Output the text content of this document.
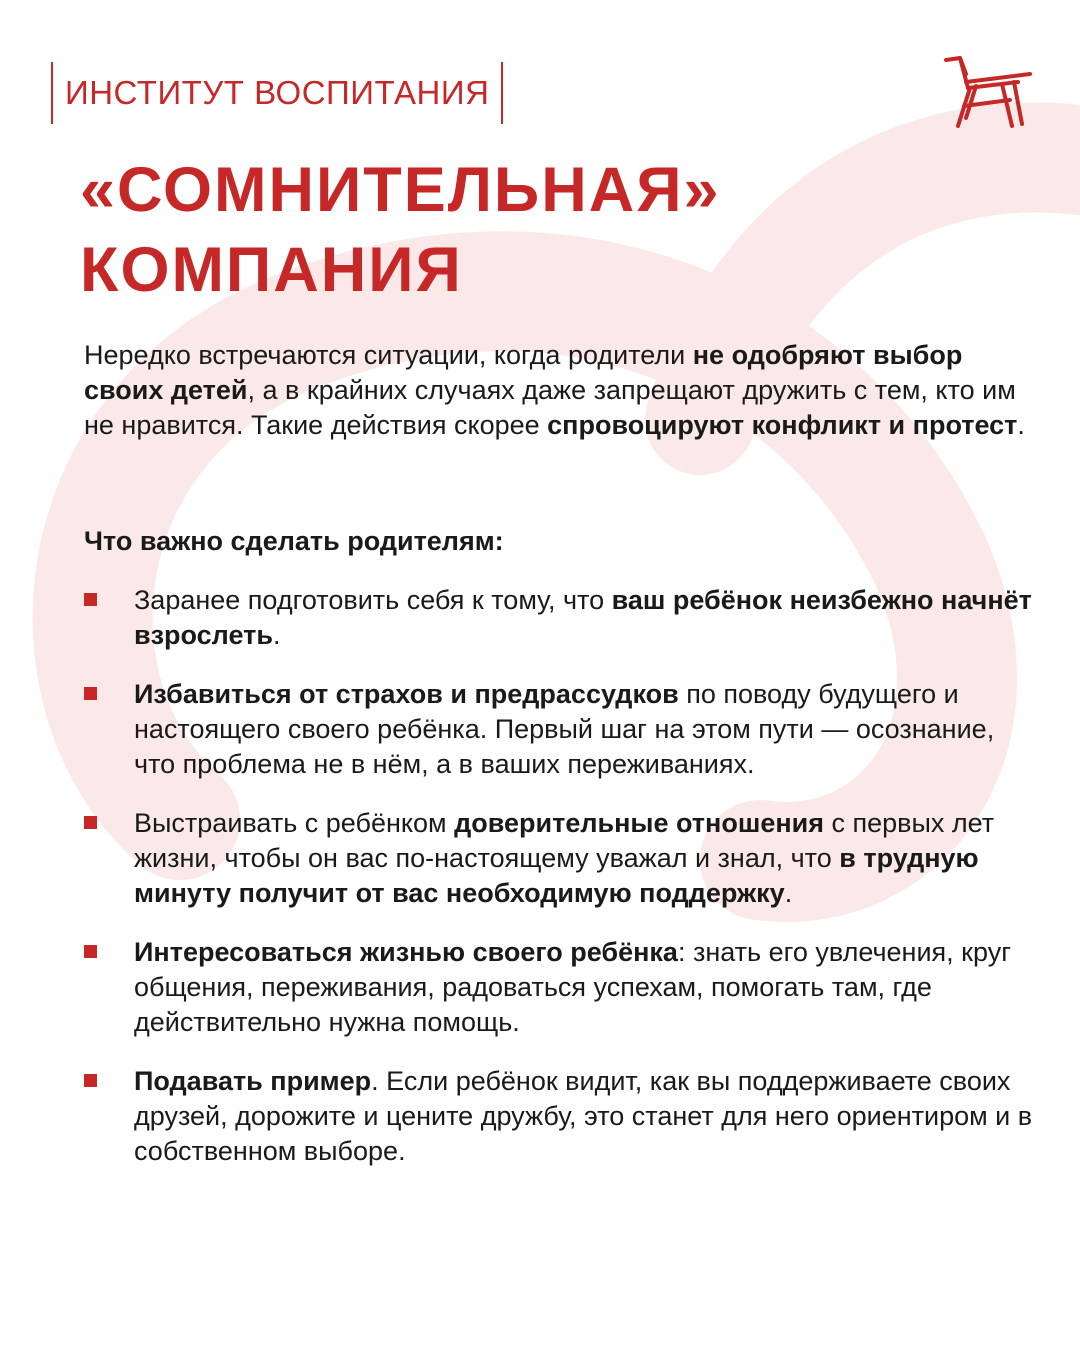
ИНСТИТУТ ВОСПИТАНИЯ
«СОМНИТЕЛЬНАЯ»
КОМПАНИЯ

Нередко встречаются ситуации, когда родители не одобряют выбор своих детей, а в крайних случаях даже запрещают дружить с тем, кто им не нравится. Такие действия скорее спровоцируют конфликт и протест.

Что важно сделать родителям:

Заранее подготовить себя к тому, что ваш ребёнок неизбежно начнёт взрослеть.
Избавиться от страхов и предрассудков по поводу будущего и настоящего своего ребёнка. Первый шаг на этом пути — осознание, что проблема не в нём, а в ваших переживаниях.
Выстраивать с ребёнком доверительные отношения с первых лет жизни, чтобы он вас по-настоящему уважал и знал, что в трудную минуту получит от вас необходимую поддержку.
Интересоваться жизнью своего ребёнка: знать его увлечения, круг общения, переживания, радоваться успехам, помогать там, где действительно нужна помощь.
Подавать пример. Если ребёнок видит, как вы поддерживаете своих друзей, дорожите и цените дружбу, это станет для него ориентиром и в собственном выборе.
